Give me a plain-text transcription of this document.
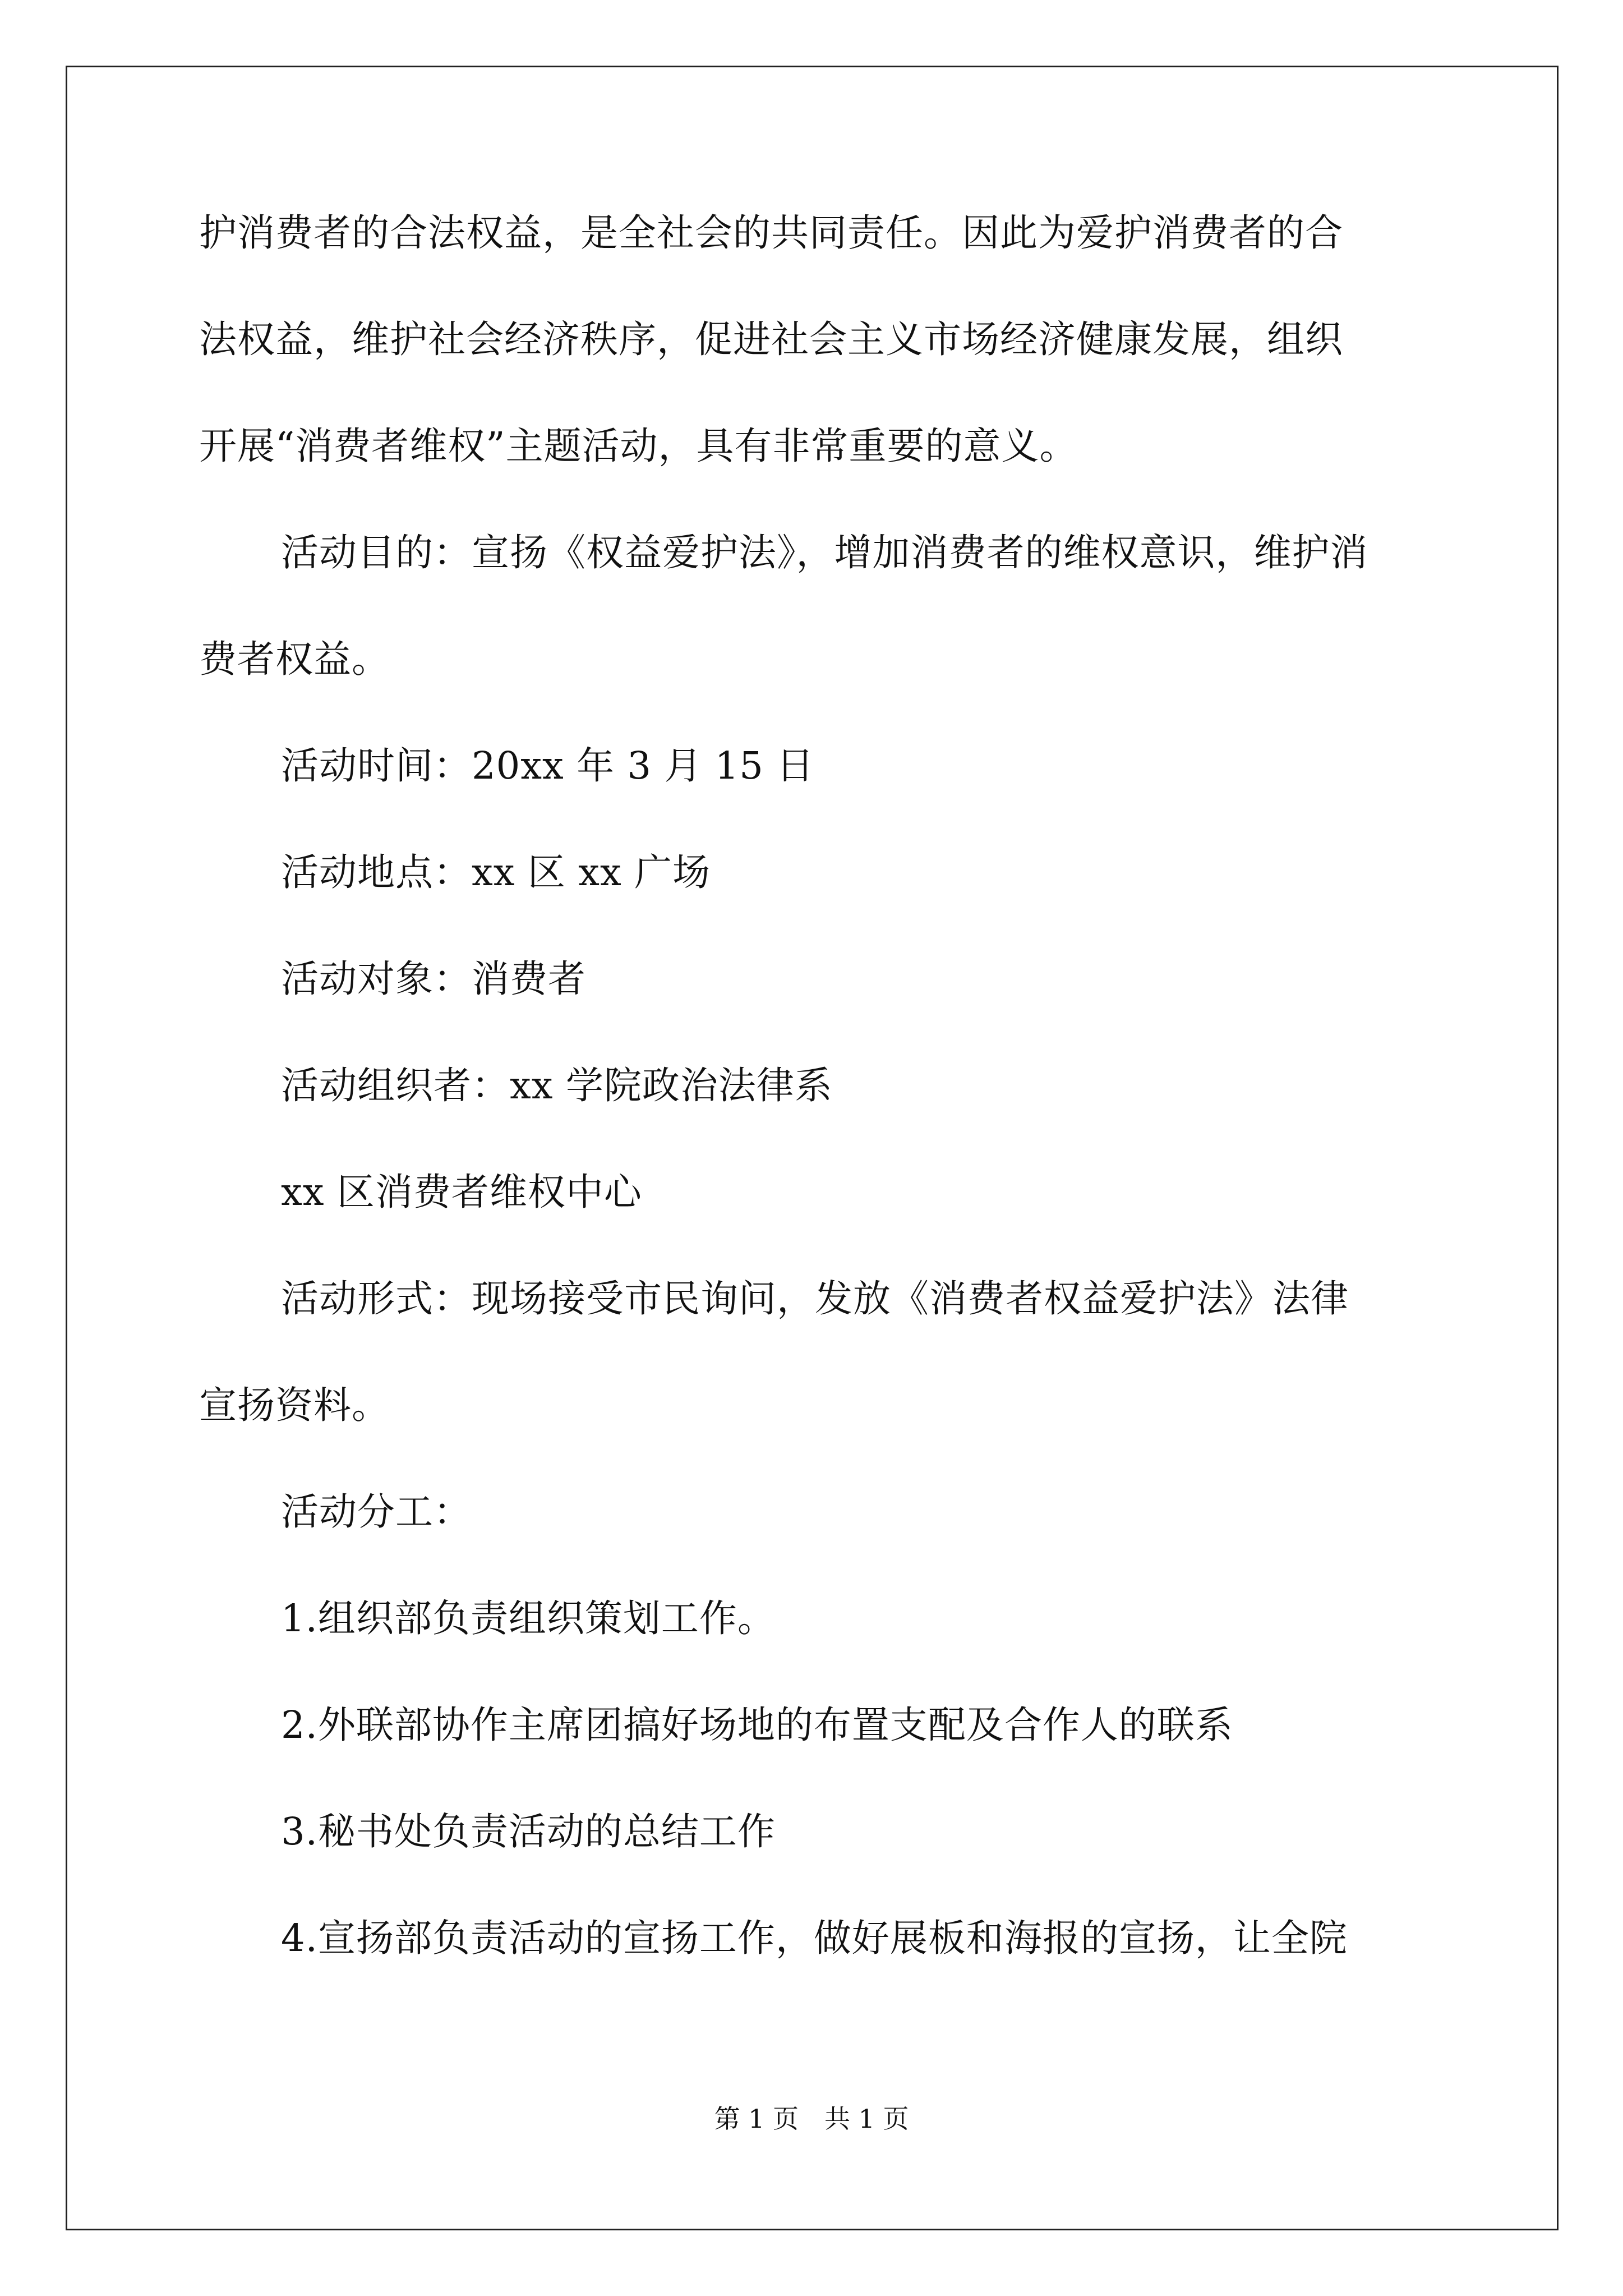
护消费者的合法权益，是全社会的共同责任。因此为爱护消费者的合
法权益，维护社会经济秩序，促进社会主义市场经济健康发展，组织
开展“消费者维权”主题活动，具有非常重要的意义。
活动目的：宣扬《权益爱护法》，增加消费者的维权意识，维护消
费者权益。
活动时间：20xx 年 3 月 15 日
活动地点：xx 区 xx 广场
活动对象：消费者
活动组织者：xx 学院政治法律系
xx 区消费者维权中心
活动形式：现场接受市民询问，发放《消费者权益爱护法》法律
宣扬资料。
活动分工：
1.组织部负责组织策划工作。
2.外联部协作主席团搞好场地的布置支配及合作人的联系
3.秘书处负责活动的总结工作
4.宣扬部负责活动的宣扬工作，做好展板和海报的宣扬，让全院
第 1 页　共 1 页
